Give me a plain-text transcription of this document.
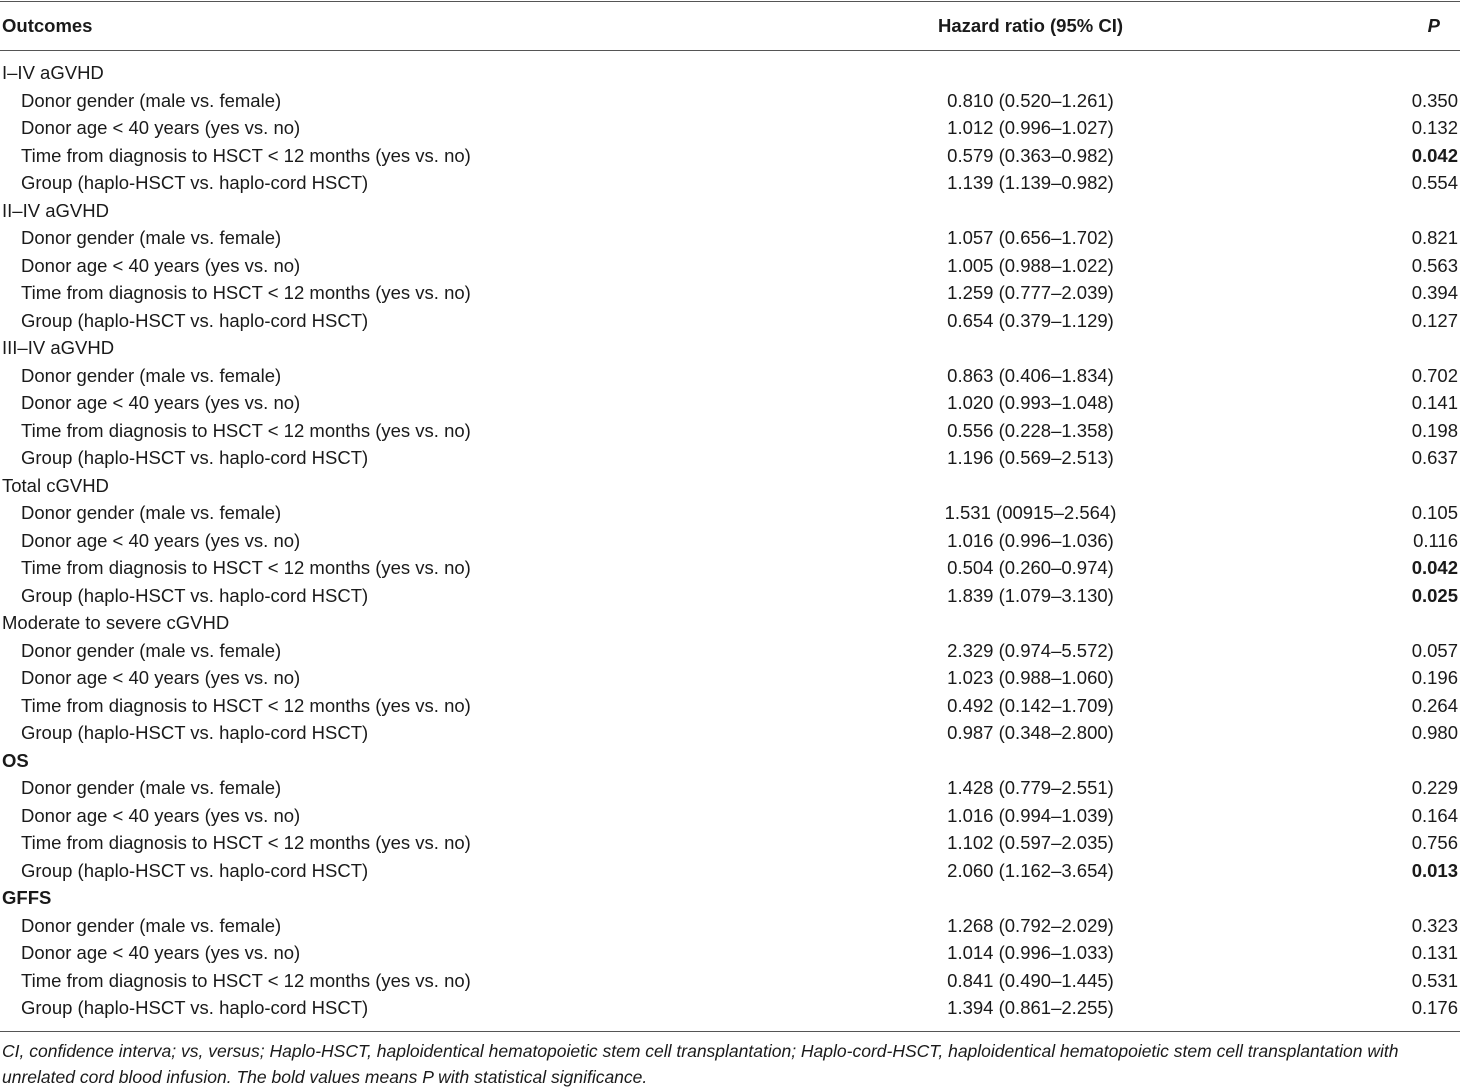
Outcomes	Hazard ratio (95% CI)	P
I–IV aGVHD
Donor gender (male vs. female)	0.810 (0.520–1.261)	0.350
Donor age < 40 years (yes vs. no)	1.012 (0.996–1.027)	0.132
Time from diagnosis to HSCT < 12 months (yes vs. no)	0.579 (0.363–0.982)	0.042
Group (haplo-HSCT vs. haplo-cord HSCT)	1.139 (1.139–0.982)	0.554
II–IV aGVHD
Donor gender (male vs. female)	1.057 (0.656–1.702)	0.821
Donor age < 40 years (yes vs. no)	1.005 (0.988–1.022)	0.563
Time from diagnosis to HSCT < 12 months (yes vs. no)	1.259 (0.777–2.039)	0.394
Group (haplo-HSCT vs. haplo-cord HSCT)	0.654 (0.379–1.129)	0.127
III–IV aGVHD
Donor gender (male vs. female)	0.863 (0.406–1.834)	0.702
Donor age < 40 years (yes vs. no)	1.020 (0.993–1.048)	0.141
Time from diagnosis to HSCT < 12 months (yes vs. no)	0.556 (0.228–1.358)	0.198
Group (haplo-HSCT vs. haplo-cord HSCT)	1.196 (0.569–2.513)	0.637
Total cGVHD
Donor gender (male vs. female)	1.531 (00915–2.564)	0.105
Donor age < 40 years (yes vs. no)	1.016 (0.996–1.036)	0.116
Time from diagnosis to HSCT < 12 months (yes vs. no)	0.504 (0.260–0.974)	0.042
Group (haplo-HSCT vs. haplo-cord HSCT)	1.839 (1.079–3.130)	0.025
Moderate to severe cGVHD
Donor gender (male vs. female)	2.329 (0.974–5.572)	0.057
Donor age < 40 years (yes vs. no)	1.023 (0.988–1.060)	0.196
Time from diagnosis to HSCT < 12 months (yes vs. no)	0.492 (0.142–1.709)	0.264
Group (haplo-HSCT vs. haplo-cord HSCT)	0.987 (0.348–2.800)	0.980
OS
Donor gender (male vs. female)	1.428 (0.779–2.551)	0.229
Donor age < 40 years (yes vs. no)	1.016 (0.994–1.039)	0.164
Time from diagnosis to HSCT < 12 months (yes vs. no)	1.102 (0.597–2.035)	0.756
Group (haplo-HSCT vs. haplo-cord HSCT)	2.060 (1.162–3.654)	0.013
GFFS
Donor gender (male vs. female)	1.268 (0.792–2.029)	0.323
Donor age < 40 years (yes vs. no)	1.014 (0.996–1.033)	0.131
Time from diagnosis to HSCT < 12 months (yes vs. no)	0.841 (0.490–1.445)	0.531
Group (haplo-HSCT vs. haplo-cord HSCT)	1.394 (0.861–2.255)	0.176
CI, confidence interva; vs, versus; Haplo-HSCT, haploidentical hematopoietic stem cell transplantation; Haplo-cord-HSCT, haploidentical hematopoietic stem cell transplantation with unrelated cord blood infusion. The bold values means P with statistical significance.
